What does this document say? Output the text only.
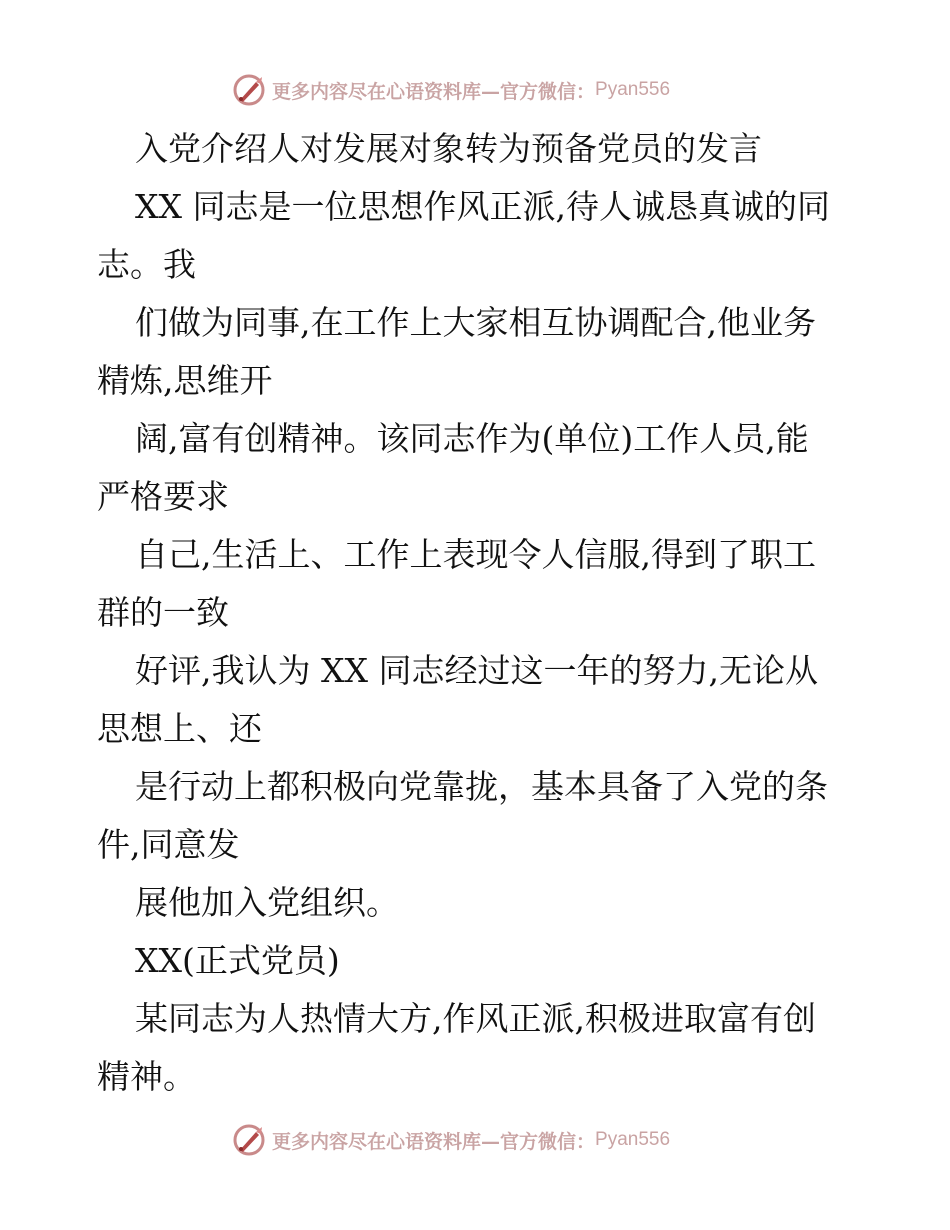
更多内容尽在心语资料库—官方微信： Pyan556
入党介绍人对发展对象转为预备党员的发言
XX 同志是一位思想作风正派,待人诚恳真诚的同
志。我
们做为同事,在工作上大家相互协调配合,他业务
精炼,思维开
阔,富有创精神。该同志作为(单位)工作人员,能
严格要求
自己,生活上、工作上表现令人信服,得到了职工
群的一致
好评,我认为 XX 同志经过这一年的努力,无论从
思想上、还
是行动上都积极向党靠拢，基本具备了入党的条
件,同意发
展他加入党组织。
XX(正式党员)
某同志为人热情大方,作风正派,积极进取富有创
精神。
更多内容尽在心语资料库—官方微信： Pyan556
